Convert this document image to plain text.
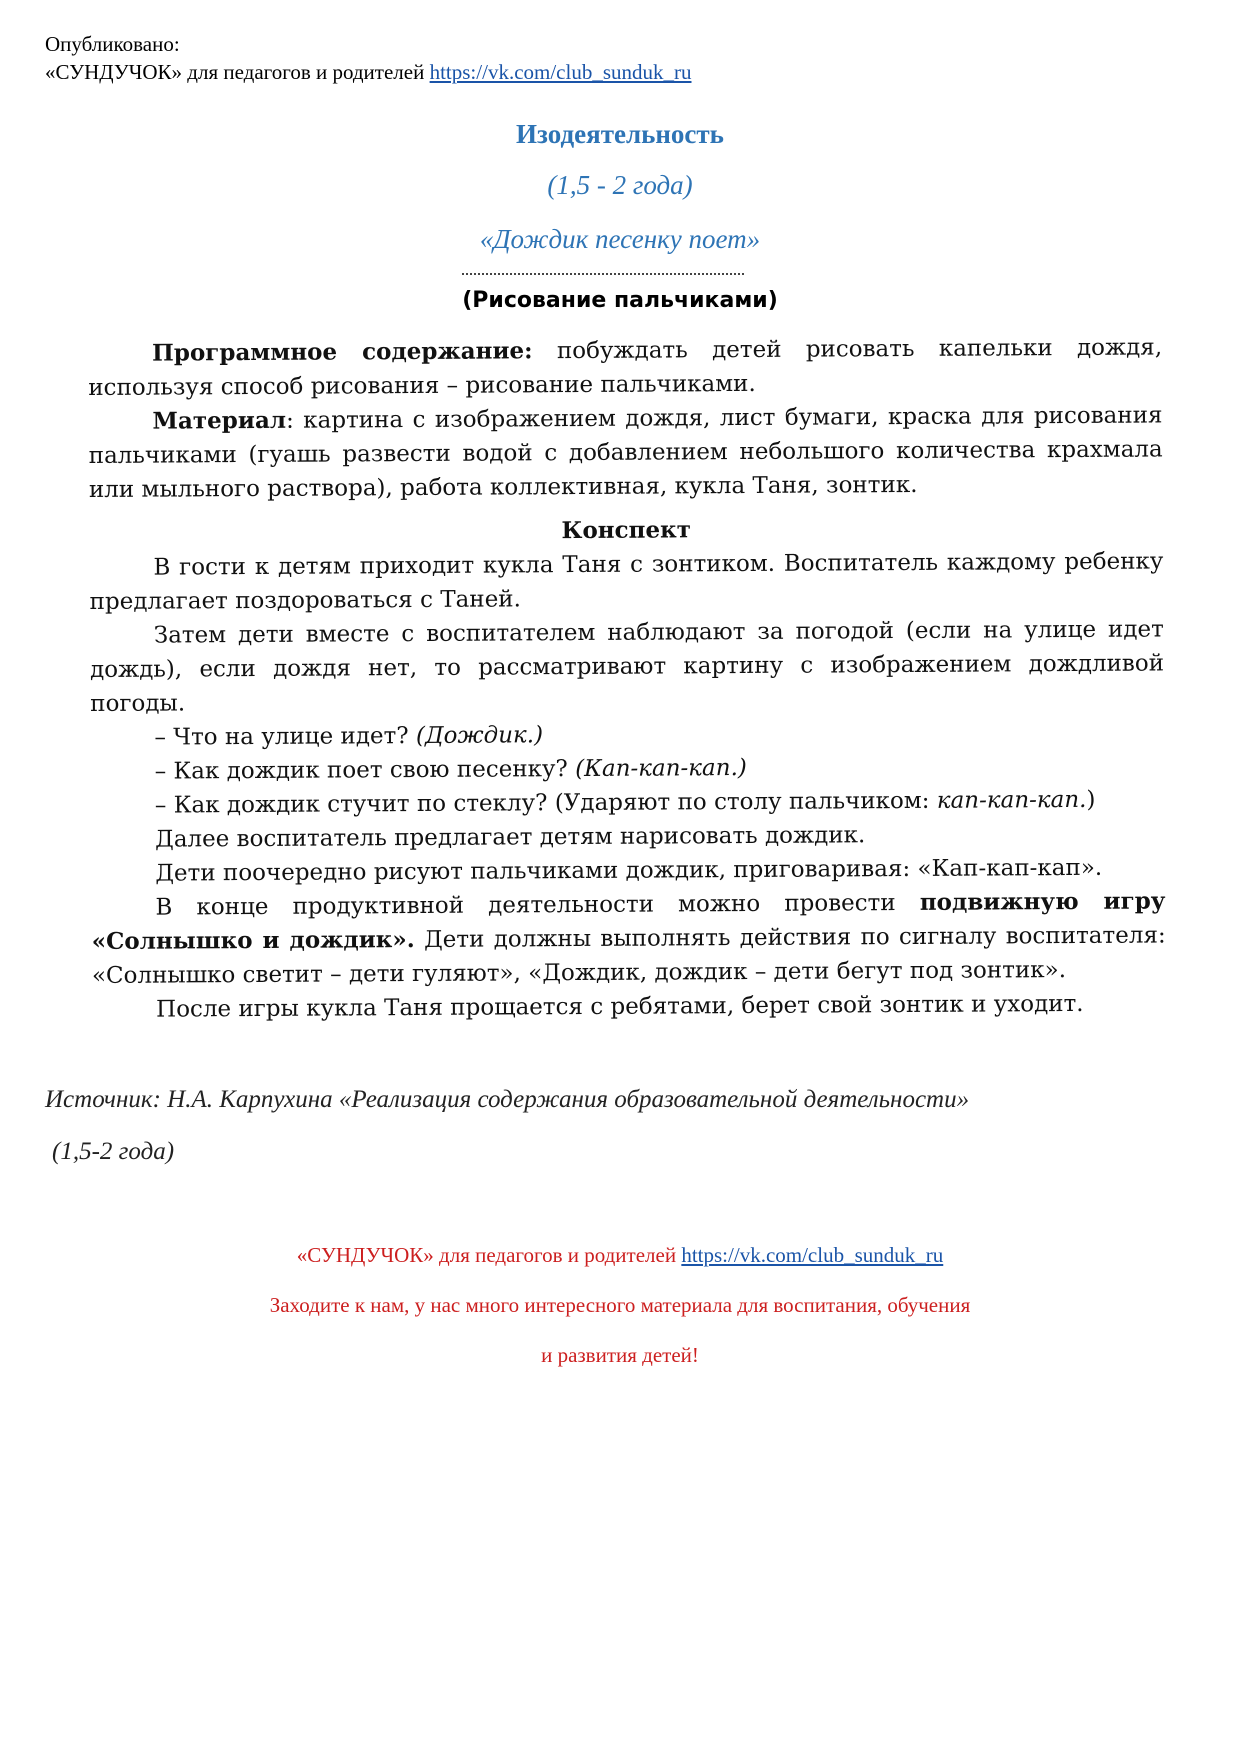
Опубликовано:
«СУНДУЧОК» для педагогов и родителей https://vk.com/club_sunduk_ru
Изодеятельность
(1,5 - 2 года)
«Дождик песенку поет»
(Рисование пальчиками)

Программное содержание: побуждать детей рисовать капельки дождя, используя способ рисования – рисование пальчиками.

Материал: картина с изображением дождя, лист бумаги, краска для рисования пальчиками (гуашь развести водой с добавлением небольшого количества крахмала или мыльного раствора), работа коллективная, кукла Таня, зонтик.

Конспект

В гости к детям приходит кукла Таня с зонтиком. Воспитатель каждому ребенку предлагает поздороваться с Таней.

Затем дети вместе с воспитателем наблюдают за погодой (если на улице идет дождь), если дождя нет, то рассматривают картину с изображением дождливой погоды.

– Что на улице идет? (Дождик.)

– Как дождик поет свою песенку? (Кап-кап-кап.)

– Как дождик стучит по стеклу? (Ударяют по столу пальчиком: кап-кап-кап.)

Далее воспитатель предлагает детям нарисовать дождик.

Дети поочередно рисуют пальчиками дождик, приговаривая: «Кап-кап-кап».

В конце продуктивной деятельности можно провести подвижную игру «Солнышко и дождик». Дети должны выполнять действия по сигналу воспитателя: «Солнышко светит – дети гуляют», «Дождик, дождик – дети бегут под зонтик».

После игры кукла Таня прощается с ребятами, берет свой зонтик и уходит.

Источник: Н.А. Карпухина «Реализация содержания образовательной деятельности»
(1,5-2 года)
«СУНДУЧОК» для педагогов и родителей https://vk.com/club_sunduk_ru
Заходите к нам, у нас много интересного материала для воспитания, обучения
и развития детей!
